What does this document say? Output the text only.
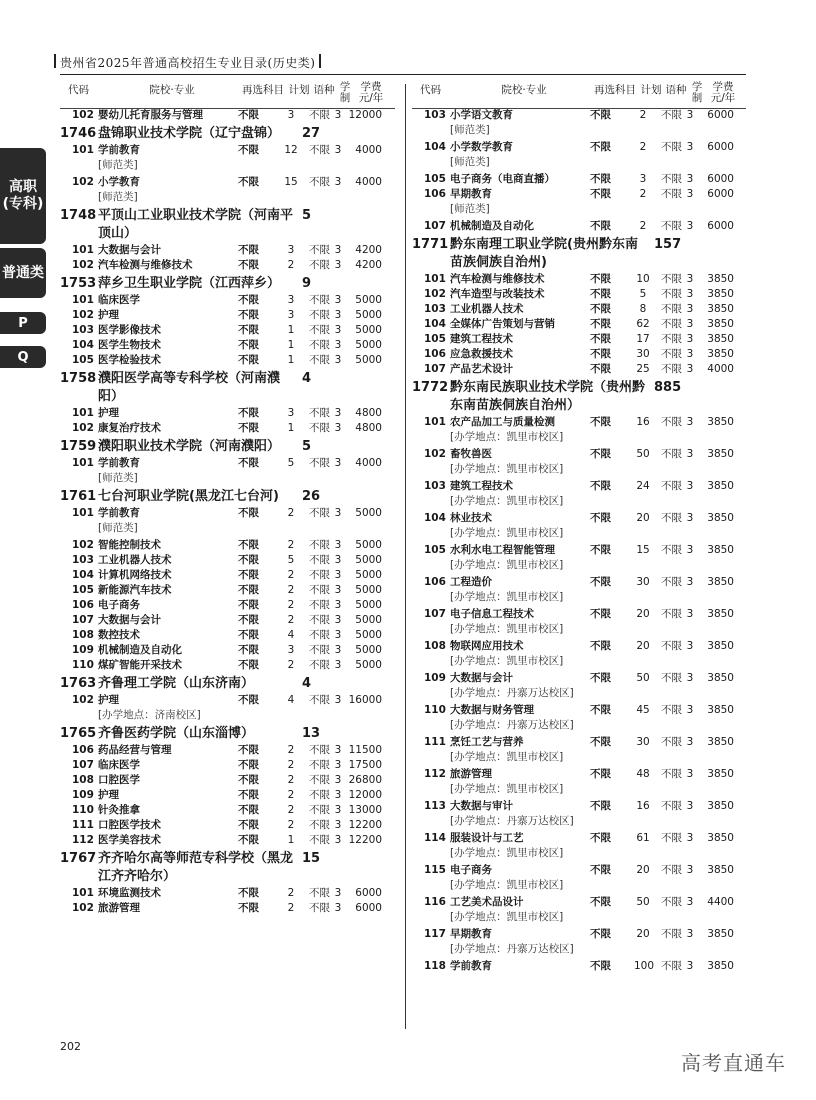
贵州省2025年普通高校招生专业目录(历史类)
高职(专科)
普通类
P
Q
代码	院校·专业	再选科目 计划 语种 学
制
学费
元/年
102 婴幼儿托育服务与管理	不限	3	不限 3 12000
1746 盘锦职业技术学院（辽宁盘锦）	27
101 学前教育	不限	12	不限 3	4000
[师范类]
102 小学教育	不限	15	不限 3	4000
[师范类]
1748 平顶山工业职业技术学院（河南平顶山）
5
101 大数据与会计	不限	3	不限 3	4200
102 汽车检测与维修技术	不限	2	不限 3	4200
1753 萍乡卫生职业学院（江西萍乡）	9
101 临床医学	不限	3	不限 3	5000
102 护理	不限	3	不限 3	5000
103 医学影像技术	不限	1	不限 3	5000
104 医学生物技术	不限	1	不限 3	5000
105 医学检验技术	不限	1	不限 3	5000
1758 濮阳医学高等专科学校（河南濮阳）
4
101 护理	不限	3	不限 3	4800
102 康复治疗技术	不限	1	不限 3	4800
1759 濮阳职业技术学院（河南濮阳）	5
101 学前教育	不限	5	不限 3	4000
[师范类]
1761 七台河职业学院(黑龙江七台河)	26
101 学前教育	不限	2	不限 3	5000
[师范类]
102 智能控制技术	不限	2	不限 3	5000
103 工业机器人技术	不限	5	不限 3	5000
104 计算机网络技术	不限	2	不限 3	5000
105 新能源汽车技术	不限	2	不限 3	5000
106 电子商务	不限	2	不限 3	5000
107 大数据与会计	不限	2	不限 3	5000
108 数控技术	不限	4	不限 3	5000
109 机械制造及自动化	不限	3	不限 3	5000
110 煤矿智能开采技术	不限	2	不限 3	5000
1763 齐鲁理工学院（山东济南）	4
102 护理	不限	4	不限 3 16000
[办学地点：济南校区]
1765 齐鲁医药学院（山东淄博）	13
106 药品经营与管理	不限	2	不限 3 11500
107 临床医学	不限	2	不限 3 17500
108 口腔医学	不限	2	不限 3 26800
109 护理	不限	2	不限 3 12000
110 针灸推拿	不限	2	不限 3 13000
111 口腔医学技术	不限	2	不限 3 12200
112 医学美容技术	不限	1	不限 3 12200
1767 齐齐哈尔高等师范专科学校（黑龙江齐齐哈尔）
15
101 环境监测技术	不限	2	不限 3	6000
102 旅游管理	不限	2	不限 3	6000
代码	院校·专业	再选科目 计划 语种 学
制
学费
元/年
103 小学语文教育	不限	2	不限 3	6000
[师范类]
104 小学数学教育	不限	2	不限 3	6000
[师范类]
105 电子商务（电商直播）	不限	3	不限 3	6000
106 早期教育	不限	2	不限 3	6000
[师范类]
107 机械制造及自动化	不限	2	不限 3	6000
1771 黔东南理工职业学院(贵州黔东南苗族侗族自治州)
157
101 汽车检测与维修技术	不限	10	不限 3	3850
102 汽车造型与改装技术	不限	5	不限 3	3850
103 工业机器人技术	不限	8	不限 3	3850
104 全媒体广告策划与营销	不限	62	不限 3	3850
105 建筑工程技术	不限	17	不限 3	3850
106 应急救援技术	不限	30	不限 3	3850
107 产品艺术设计	不限	25	不限 3	4000
1772 黔东南民族职业技术学院（贵州黔东南苗族侗族自治州）
885
101 农产品加工与质量检测	不限	16	不限 3	3850
[办学地点：凯里市校区]
102 畜牧兽医	不限	50	不限 3	3850
[办学地点：凯里市校区]
103 建筑工程技术	不限	24	不限 3	3850
[办学地点：凯里市校区]
104 林业技术	不限	20	不限 3	3850
[办学地点：凯里市校区]
105 水利水电工程智能管理	不限	15	不限 3	3850
[办学地点：凯里市校区]
106 工程造价	不限	30	不限 3	3850
[办学地点：凯里市校区]
107 电子信息工程技术	不限	20	不限 3	3850
[办学地点：凯里市校区]
108 物联网应用技术	不限	20	不限 3	3850
[办学地点：凯里市校区]
109 大数据与会计	不限	50	不限 3	3850
[办学地点：丹寨万达校区]
110 大数据与财务管理	不限	45	不限 3	3850
[办学地点：丹寨万达校区]
111 烹饪工艺与营养	不限	30	不限 3	3850
[办学地点：凯里市校区]
112 旅游管理	不限	48	不限 3	3850
[办学地点：凯里市校区]
113 大数据与审计	不限	16	不限 3	3850
[办学地点：丹寨万达校区]
114 服装设计与工艺	不限	61	不限 3	3850
[办学地点：凯里市校区]
115 电子商务	不限	20	不限 3	3850
[办学地点：凯里市校区]
116 工艺美术品设计	不限	50	不限 3	4400
[办学地点：凯里市校区]
117 早期教育	不限	20	不限 3	3850
[办学地点：丹寨万达校区]
118 学前教育	不限	100 不限 3	3850
202
高考直通车
